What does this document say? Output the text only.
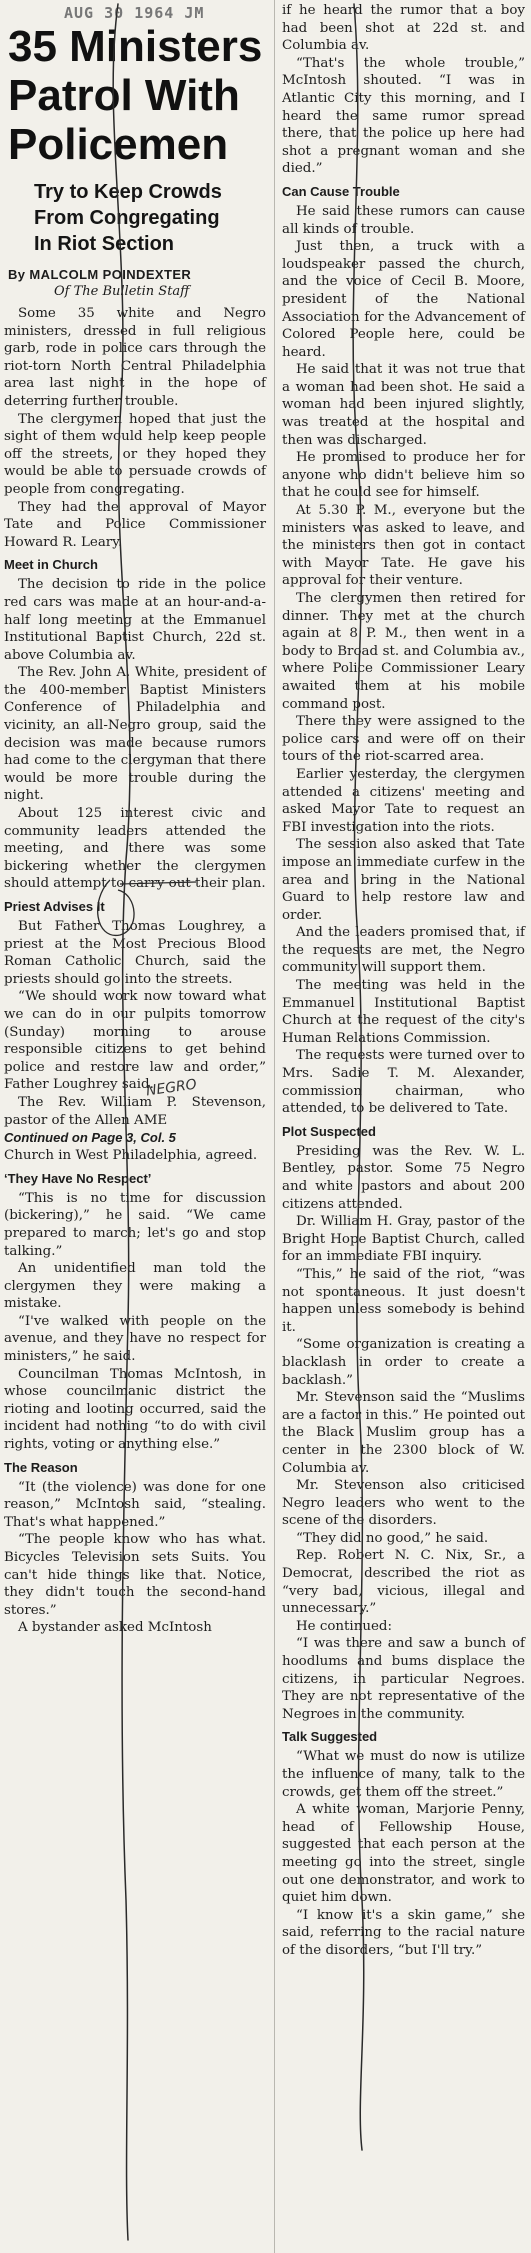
AUG 30 1964 JM
35 Ministers
Patrol With
Policemen
Try to Keep Crowds
From Congregating
In Riot Section
By MALCOLM POINDEXTER
Of The Bulletin Staff

Some 35 white and Negro ministers, dressed in full religious garb, rode in police cars through the riot-torn North Central Philadelphia area last night in the hope of deterring further trouble.

The clergymen hoped that just the sight of them would help keep people off the streets, or they hoped they would be able to persuade crowds of people from congregating.

They had the approval of Mayor Tate and Police Commissioner Howard R. Leary.

Meet in Church

The decision to ride in the police red cars was made at an hour-and-a-half long meeting at the Emmanuel Institutional Baptist Church, 22d st. above Columbia av.

The Rev. John A. White, president of the 400-member Baptist Ministers Conference of Philadelphia and vicinity, an all-Negro group, said the decision was made because rumors had come to the clergyman that there would be more trouble during the night.

About 125 interest civic and community leaders attended the meeting, and there was some bickering whether the clergymen should attempt to carry out their plan.

Priest Advises It

But Father Thomas Loughrey, a priest at the Most Precious Blood Roman Catholic Church, said the priests should go into the streets.

“We should work now toward what we can do in our pulpits tomorrow (Sunday) morning to arouse responsible citizens to get behind police and restore law and order,” Father Loughrey said.

The Rev. William P. Stevenson, pastor of the Allen AME

Continued on Page 3, Col. 5

Church in West Philadelphia, agreed.

‘They Have No Respect’

“This is no time for discussion (bickering),” he said. “We came prepared to march; let's go and stop talking.”

An unidentified man told the clergymen they were making a mistake.

“I've walked with people on the avenue, and they have no respect for ministers,” he said.

Councilman Thomas McIntosh, in whose councilmanic district the rioting and looting occurred, said the incident had nothing “to do with civil rights, voting or anything else.”

The Reason

“It (the violence) was done for one reason,” McIntosh said, “stealing. That's what happened.”

“The people know who has what. Bicycles Television sets Suits. You can't hide things like that. Notice, they didn't touch the second-hand stores.”

A bystander asked McIntosh

if he heard the rumor that a boy had been shot at 22d st. and Columbia av.

“That's the whole trouble,” McIntosh shouted. “I was in Atlantic City this morning, and I heard the same rumor spread there, that the police up here had shot a pregnant woman and she died.”

Can Cause Trouble

He said these rumors can cause all kinds of trouble.

Just then, a truck with a loudspeaker passed the church, and the voice of Cecil B. Moore, president of the National Association for the Advancement of Colored People here, could be heard.

He said that it was not true that a woman had been shot. He said a woman had been injured slightly, was treated at the hospital and then was discharged.

He promised to produce her for anyone who didn't believe him so that he could see for himself.

At 5.30 P. M., everyone but the ministers was asked to leave, and the ministers then got in contact with Mayor Tate. He gave his approval for their venture.

The clergymen then retired for dinner. They met at the church again at 8 P. M., then went in a body to Broad st. and Columbia av., where Police Commissioner Leary awaited them at his mobile command post.

There they were assigned to the police cars and were off on their tours of the riot-scarred area.

Earlier yesterday, the clergymen attended a citizens' meeting and asked Mayor Tate to request an FBI investigation into the riots.

The session also asked that Tate impose an immediate curfew in the area and bring in the National Guard to help restore law and order.

And the leaders promised that, if the requests are met, the Negro community will support them.

The meeting was held in the Emmanuel Institutional Baptist Church at the request of the city's Human Relations Commission.

The requests were turned over to Mrs. Sadie T. M. Alexander, commission chairman, who attended, to be delivered to Tate.

Plot Suspected

Presiding was the Rev. W. L. Bentley, pastor. Some 75 Negro and white pastors and about 200 citizens attended.

Dr. William H. Gray, pastor of the Bright Hope Baptist Church, called for an immediate FBI inquiry.

“This,” he said of the riot, “was not spontaneous. It just doesn't happen unless somebody is behind it.

“Some organization is creating a blacklash in order to create a backlash.”

Mr. Stevenson said the “Muslims are a factor in this.” He pointed out the Black Muslim group has a center in the 2300 block of W. Columbia av.

Mr. Stevenson also criticised Negro leaders who went to the scene of the disorders.

“They did no good,” he said.

Rep. Robert N. C. Nix, Sr., a Democrat, described the riot as “very bad, vicious, illegal and unnecessary.”

He continued:

“I was there and saw a bunch of hoodlums and bums displace the citizens, in particular Negroes. They are not representative of the Negroes in the community.

Talk Suggested

“What we must do now is utilize the influence of many, talk to the crowds, get them off the street.”

A white woman, Marjorie Penny, head of Fellowship House, suggested that each person at the meeting go into the street, single out one demonstrator, and work to quiet him down.

“I know it's a skin game,” she said, referring to the racial nature of the disorders, “but I'll try.”

NEGRO
